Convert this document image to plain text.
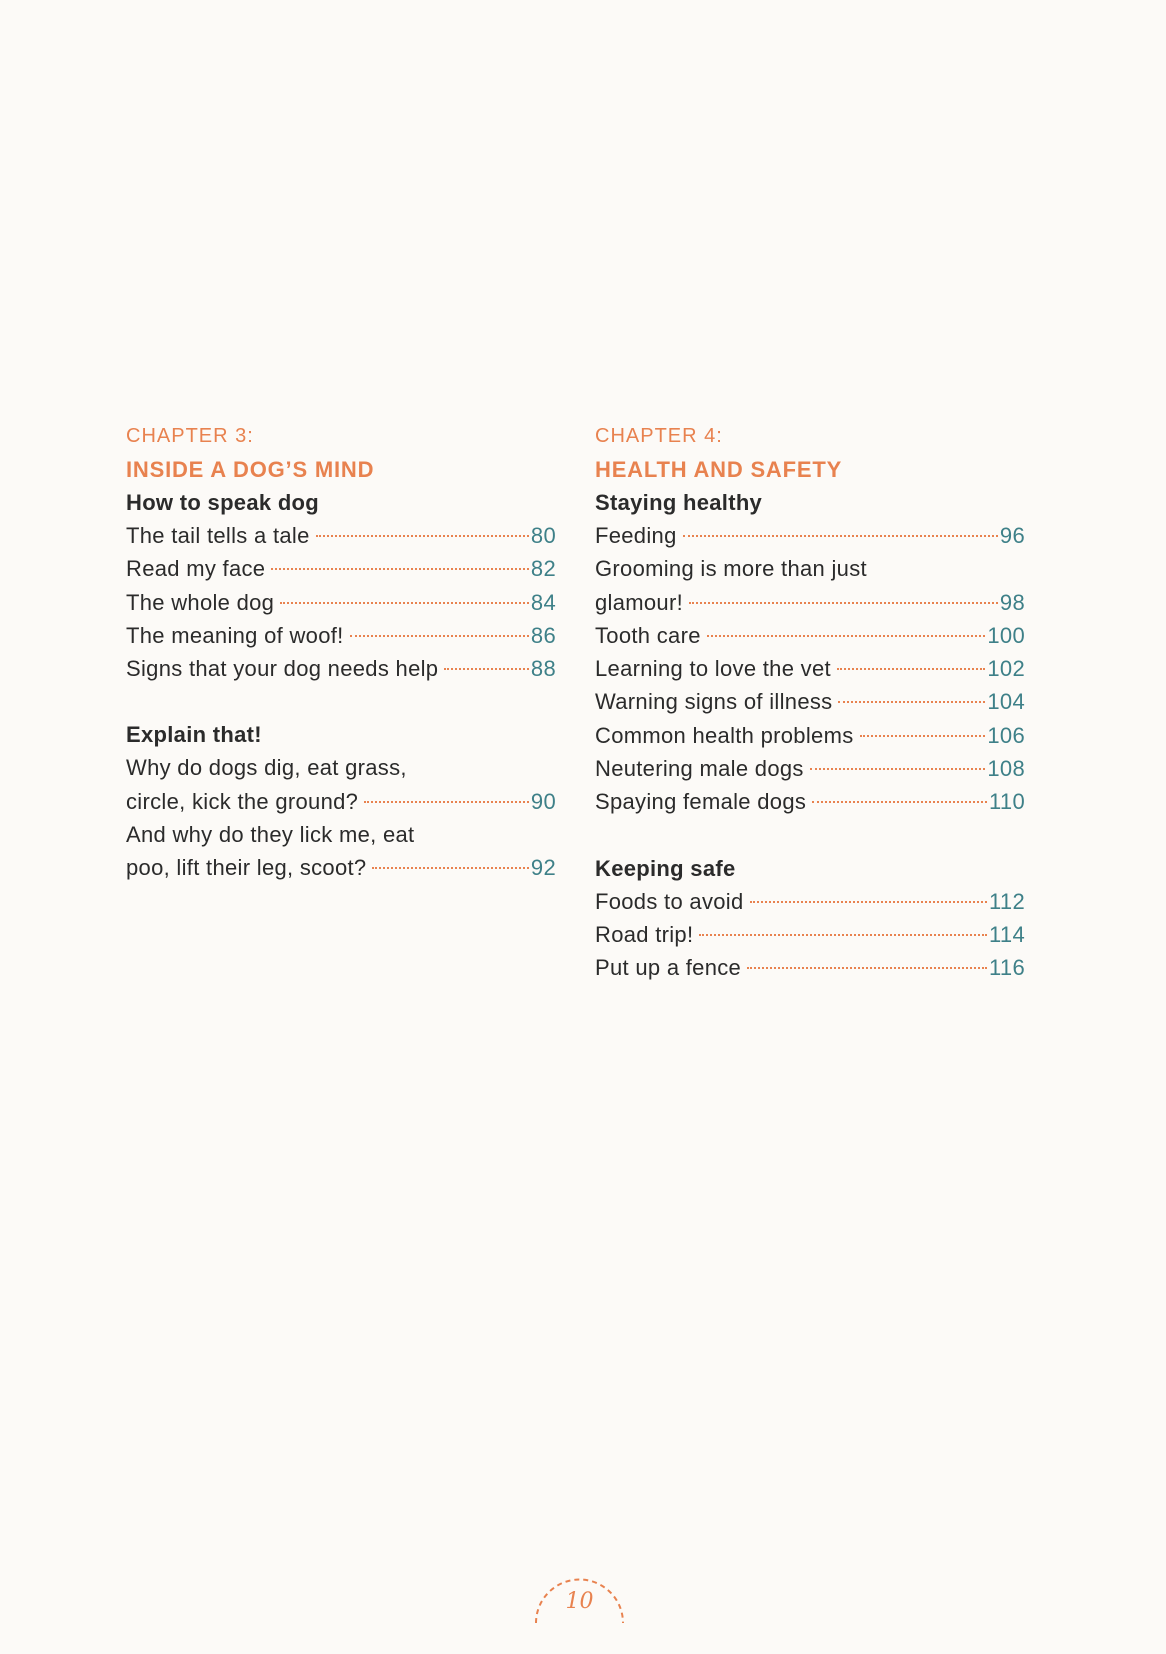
CHAPTER 3:
INSIDE A DOG’S MIND
How to speak dog
The tail tells a tale	80
Read my face	82
The whole dog	84
The meaning of woof!	86
Signs that your dog needs help	88
Explain that!
Why do dogs dig, eat grass,
circle, kick the ground?	90
And why do they lick me, eat
poo, lift their leg, scoot?	92
CHAPTER 4:
HEALTH AND SAFETY
Staying healthy
Feeding	96
Grooming is more than just
glamour!	98
Tooth care	100
Learning to love the vet	102
Warning signs of illness	104
Common health problems	106
Neutering male dogs	108
Spaying female dogs	110
Keeping safe
Foods to avoid	112
Road trip!	114
Put up a fence	116
10
